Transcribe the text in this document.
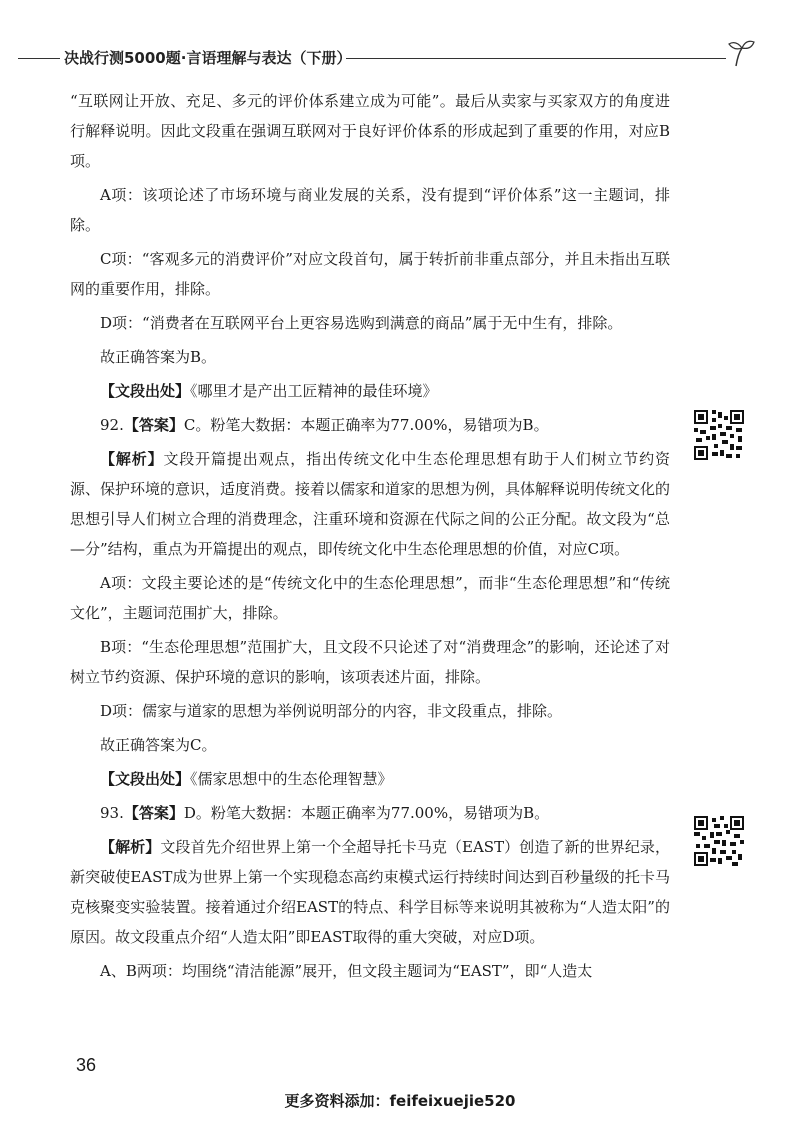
决战行测5000题·言语理解与表达（下册）

“互联网让开放、充足、多元的评价体系建立成为可能”。最后从卖家与买家双方的角度进行解释说明。因此文段重在强调互联网对于良好评价体系的形成起到了重要的作用，对应B项。

A项：该项论述了市场环境与商业发展的关系，没有提到“评价体系”这一主题词，排除。

C项：“客观多元的消费评价”对应文段首句，属于转折前非重点部分，并且未指出互联网的重要作用，排除。

D项：“消费者在互联网平台上更容易选购到满意的商品”属于无中生有，排除。

故正确答案为B。

【文段出处】《哪里才是产出工匠精神的最佳环境》

92.【答案】C。粉笔大数据：本题正确率为77.00%，易错项为B。

【解析】文段开篇提出观点，指出传统文化中生态伦理思想有助于人们树立节约资源、保护环境的意识，适度消费。接着以儒家和道家的思想为例，具体解释说明传统文化的思想引导人们树立合理的消费理念，注重环境和资源在代际之间的公正分配。故文段为“总—分”结构，重点为开篇提出的观点，即传统文化中生态伦理思想的价值，对应C项。

A项：文段主要论述的是“传统文化中的生态伦理思想”，而非“生态伦理思想”和“传统文化”，主题词范围扩大，排除。

B项：“生态伦理思想”范围扩大，且文段不只论述了对“消费理念”的影响，还论述了对树立节约资源、保护环境的意识的影响，该项表述片面，排除。

D项：儒家与道家的思想为举例说明部分的内容，非文段重点，排除。

故正确答案为C。

【文段出处】《儒家思想中的生态伦理智慧》

93.【答案】D。粉笔大数据：本题正确率为77.00%，易错项为B。

【解析】文段首先介绍世界上第一个全超导托卡马克（EAST）创造了新的世界纪录，新突破使EAST成为世界上第一个实现稳态高约束模式运行持续时间达到百秒量级的托卡马克核聚变实验装置。接着通过介绍EAST的特点、科学目标等来说明其被称为“人造太阳”的原因。故文段重点介绍“人造太阳”即EAST取得的重大突破，对应D项。

A、B两项：均围绕“清洁能源”展开，但文段主题词为“EAST”，即“人造太

36
更多资料添加：feifeixuejie520
